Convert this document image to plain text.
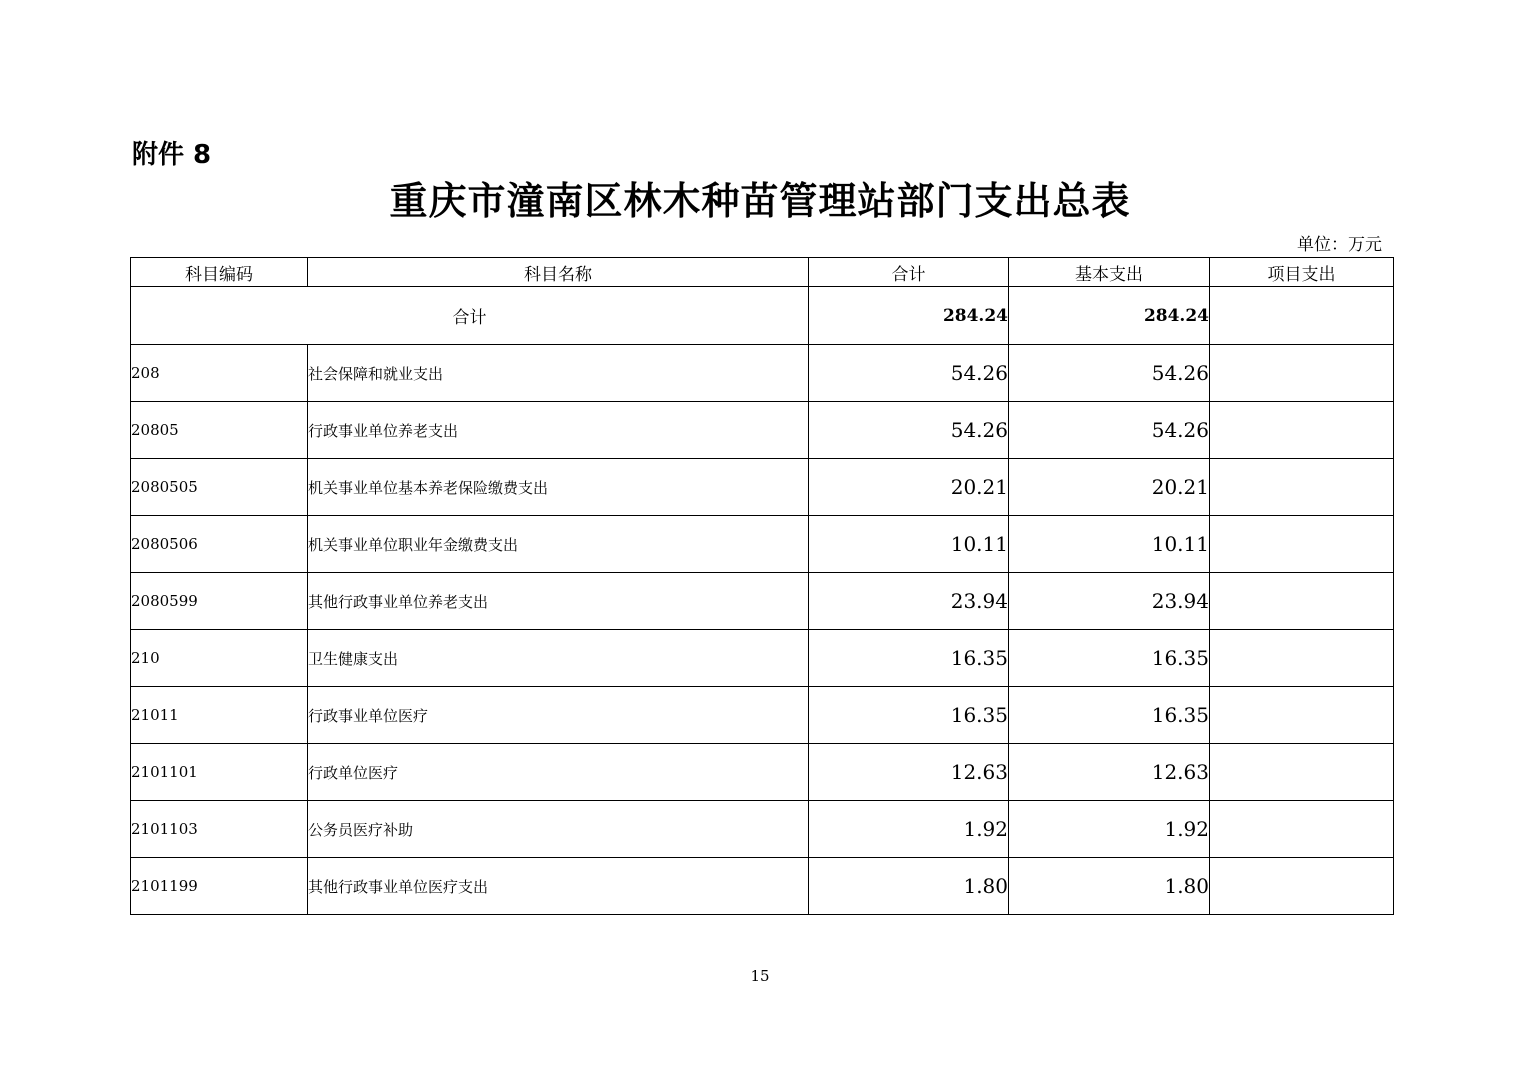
附件 8
重庆市潼南区林木种苗管理站部门支出总表
单位：万元
科目编码	科目名称	合计	基本支出	项目支出
合计		284.24	284.24	
208	社会保障和就业支出	54.26	54.26	
20805	行政事业单位养老支出	54.26	54.26	
2080505	机关事业单位基本养老保险缴费支出	20.21	20.21	
2080506	机关事业单位职业年金缴费支出	10.11	10.11	
2080599	其他行政事业单位养老支出	23.94	23.94	
210	卫生健康支出	16.35	16.35	
21011	行政事业单位医疗	16.35	16.35	
2101101	行政单位医疗	12.63	12.63	
2101103	公务员医疗补助	1.92	1.92	
2101199	其他行政事业单位医疗支出	1.80	1.80	
15
